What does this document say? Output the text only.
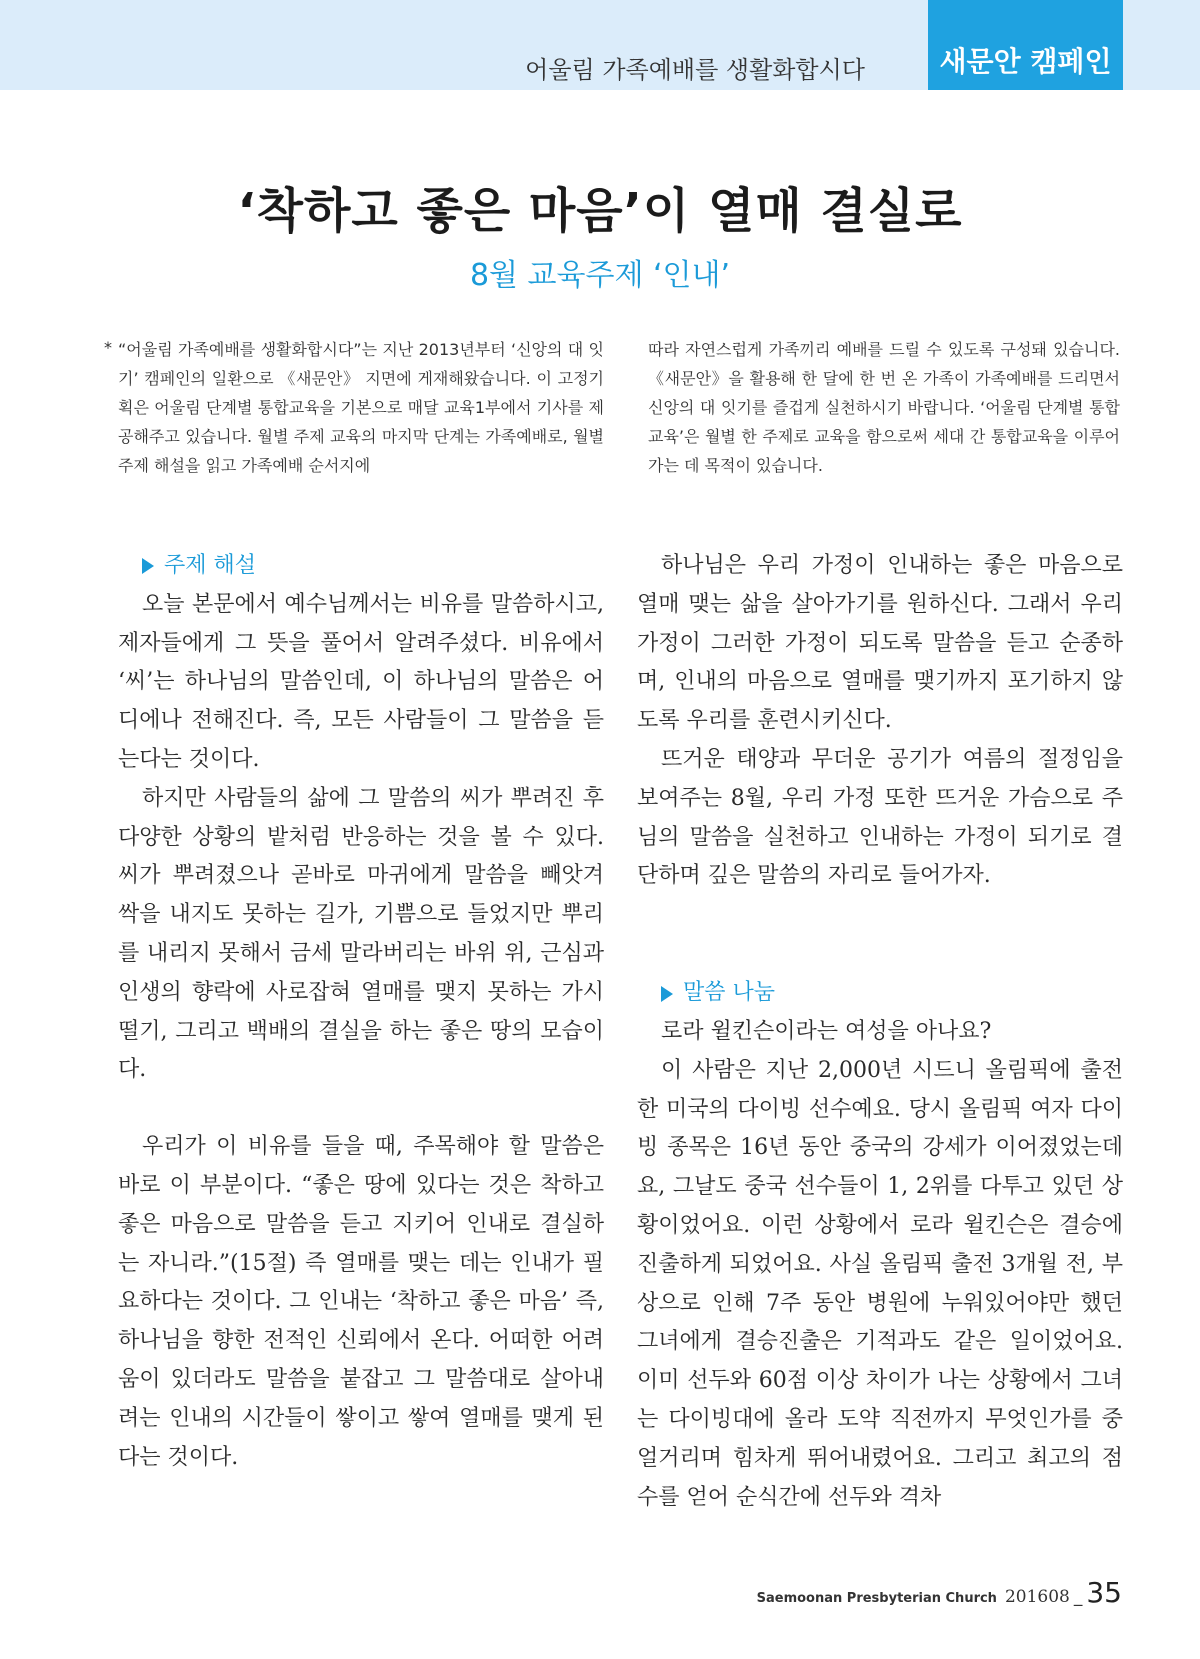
어울림 가족예배를 생활화합시다	새문안 캠페인
‘착하고 좋은 마음’이 열매 결실로
8월 교육주제 ‘인내’
* “어울림 가족예배를 생활화합시다”는 지난 2013년부터 ‘신앙의 대 잇기’ 캠페인의 일환으로 《새문안》 지면에 게재해왔습니다. 이 고정기획은 어울림 단계별 통합교육을 기본으로 매달 교육1부에서 기사를 제공해주고 있습니다. 월별 주제 교육의 마지막 단계는 가족예배로, 월별 주제 해설을 읽고 가족예배 순서지에
따라 자연스럽게 가족끼리 예배를 드릴 수 있도록 구성돼 있습니다. 《새문안》을 활용해 한 달에 한 번 온 가족이 가족예배를 드리면서 신앙의 대 잇기를 즐겁게 실천하시기 바랍니다. ‘어울림 단계별 통합교육’은 월별 한 주제로 교육을 함으로써 세대 간 통합교육을 이루어가는 데 목적이 있습니다.
주제 해설

오늘 본문에서 예수님께서는 비유를 말씀하시고, 제자들에게 그 뜻을 풀어서 알려주셨다. 비유에서 ‘씨’는 하나님의 말씀인데, 이 하나님의 말씀은 어디에나 전해진다. 즉, 모든 사람들이 그 말씀을 듣는다는 것이다.

하지만 사람들의 삶에 그 말씀의 씨가 뿌려진 후 다양한 상황의 밭처럼 반응하는 것을 볼 수 있다. 씨가 뿌려졌으나 곧바로 마귀에게 말씀을 빼앗겨 싹을 내지도 못하는 길가, 기쁨으로 들었지만 뿌리를 내리지 못해서 금세 말라버리는 바위 위, 근심과 인생의 향락에 사로잡혀 열매를 맺지 못하는 가시떨기, 그리고 백배의 결실을 하는 좋은 땅의 모습이다.

우리가 이 비유를 들을 때, 주목해야 할 말씀은 바로 이 부분이다. “좋은 땅에 있다는 것은 착하고 좋은 마음으로 말씀을 듣고 지키어 인내로 결실하는 자니라.”(15절) 즉 열매를 맺는 데는 인내가 필요하다는 것이다. 그 인내는 ‘착하고 좋은 마음’ 즉, 하나님을 향한 전적인 신뢰에서 온다. 어떠한 어려움이 있더라도 말씀을 붙잡고 그 말씀대로 살아내려는 인내의 시간들이 쌓이고 쌓여 열매를 맺게 된다는 것이다.

하나님은 우리 가정이 인내하는 좋은 마음으로 열매 맺는 삶을 살아가기를 원하신다. 그래서 우리 가정이 그러한 가정이 되도록 말씀을 듣고 순종하며, 인내의 마음으로 열매를 맺기까지 포기하지 않도록 우리를 훈련시키신다.

뜨거운 태양과 무더운 공기가 여름의 절정임을 보여주는 8월, 우리 가정 또한 뜨거운 가슴으로 주님의 말씀을 실천하고 인내하는 가정이 되기로 결단하며 깊은 말씀의 자리로 들어가자.

말씀 나눔

로라 윌킨슨이라는 여성을 아나요?

이 사람은 지난 2,000년 시드니 올림픽에 출전한 미국의 다이빙 선수예요. 당시 올림픽 여자 다이빙 종목은 16년 동안 중국의 강세가 이어졌었는데요, 그날도 중국 선수들이 1, 2위를 다투고 있던 상황이었어요. 이런 상황에서 로라 윌킨슨은 결승에 진출하게 되었어요. 사실 올림픽 출전 3개월 전, 부상으로 인해 7주 동안 병원에 누워있어야만 했던 그녀에게 결승진출은 기적과도 같은 일이었어요. 이미 선두와 60점 이상 차이가 나는 상황에서 그녀는 다이빙대에 올라 도약 직전까지 무엇인가를 중얼거리며 힘차게 뛰어내렸어요. 그리고 최고의 점수를 얻어 순식간에 선두와 격차

Saemoonan Presbyterian Church 201608 _ 35
